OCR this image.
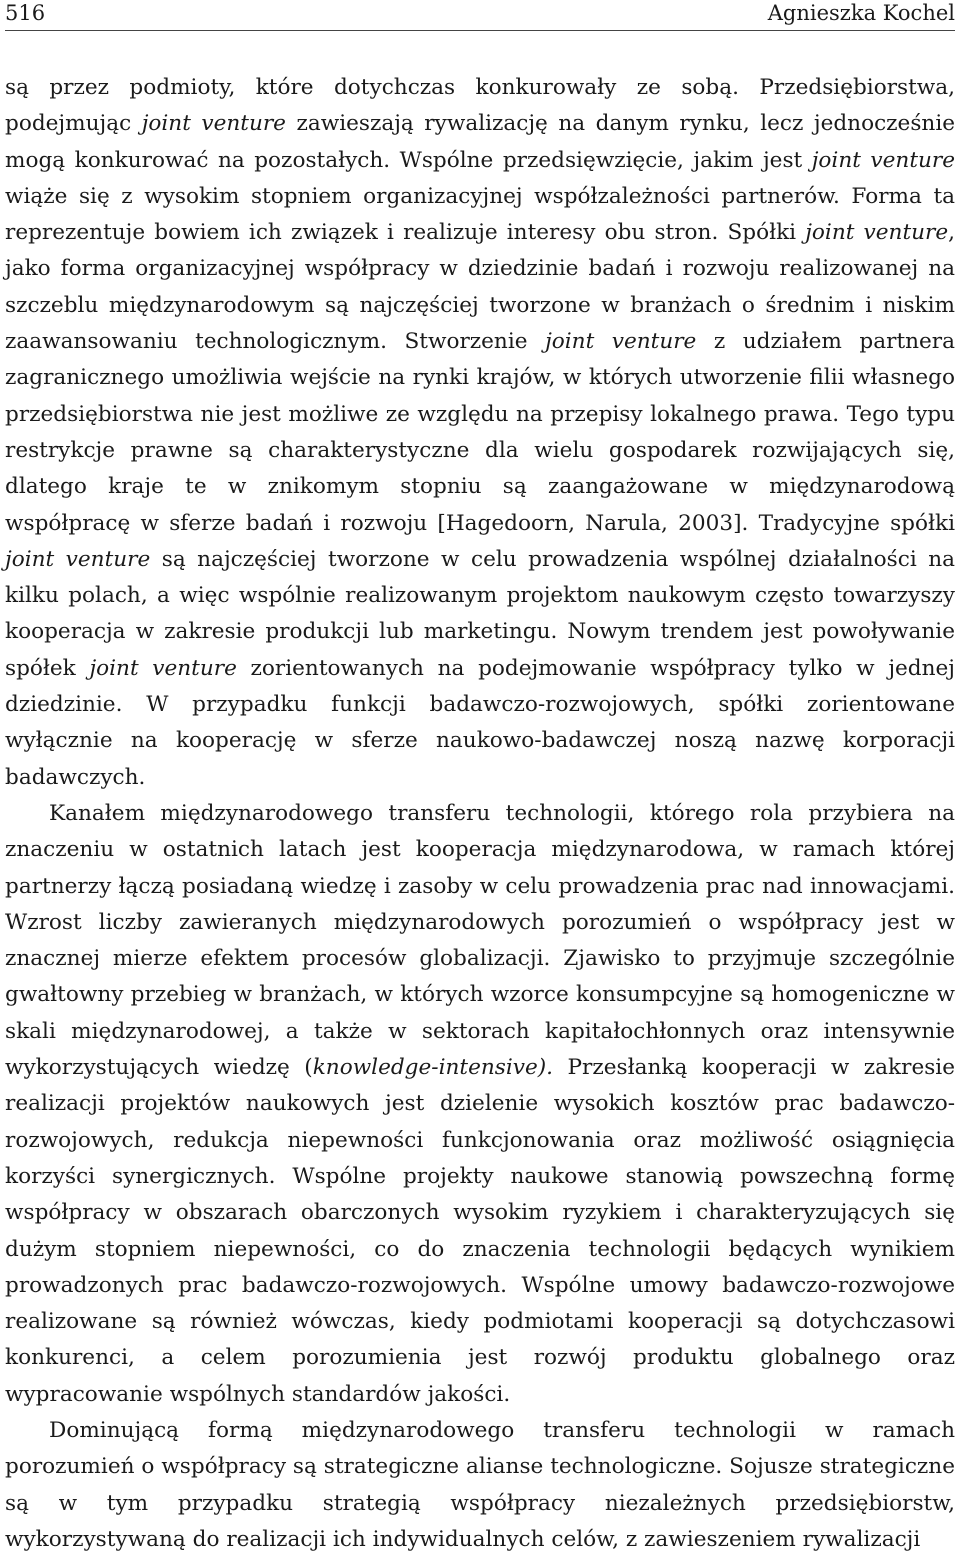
516	Agnieszka Kochel

są przez podmioty, które dotychczas konkurowały ze sobą. Przedsiębiorstwa, podejmując joint venture zawieszają rywalizację na danym rynku, lecz jednocześnie mogą konkurować na pozostałych. Wspólne przedsięwzięcie, jakim jest joint venture wiąże się z wysokim stopniem organizacyjnej współzależności partnerów. Forma ta reprezentuje bowiem ich związek i realizuje interesy obu stron. Spółki joint venture, jako forma organizacyjnej współpracy w dziedzinie badań i rozwoju realizowanej na szczeblu międzynarodowym są najczęściej tworzone w branżach o średnim i niskim zaawansowaniu technologicznym. Stworzenie joint venture z udziałem partnera zagranicznego umożliwia wejście na rynki krajów, w których utworzenie filii własnego przedsiębiorstwa nie jest możliwe ze względu na przepisy lokalnego prawa. Tego typu restrykcje prawne są charakterystyczne dla wielu gospodarek rozwijających się, dlatego kraje te w znikomym stopniu są zaangażowane w międzynarodową współpracę w sferze badań i rozwoju [Hagedoorn, Narula, 2003]. Tradycyjne spółki joint venture są najczęściej tworzone w celu prowadzenia wspólnej działalności na kilku polach, a więc wspólnie realizowanym projektom naukowym często towarzyszy kooperacja w zakresie produkcji lub marketingu. Nowym trendem jest powoływanie spółek joint venture zorientowanych na podejmowanie współpracy tylko w jednej dziedzinie. W przypadku funkcji badawczo-rozwojowych, spółki zorientowane wyłącznie na kooperację w sferze naukowo-badawczej noszą nazwę korporacji badawczych.

Kanałem międzynarodowego transferu technologii, którego rola przybiera na znaczeniu w ostatnich latach jest kooperacja międzynarodowa, w ramach której partnerzy łączą posiadaną wiedzę i zasoby w celu prowadzenia prac nad innowacjami. Wzrost liczby zawieranych międzynarodowych porozumień o współpracy jest w znacznej mierze efektem procesów globalizacji. Zjawisko to przyjmuje szczególnie gwałtowny przebieg w branżach, w których wzorce konsumpcyjne są homogeniczne w skali międzynarodowej, a także w sektorach kapitałochłonnych oraz intensywnie wykorzystujących wiedzę (knowledge-intensive). Przesłanką kooperacji w zakresie realizacji projektów naukowych jest dzielenie wysokich kosztów prac badawczo-rozwojowych, redukcja niepewności funkcjonowania oraz możliwość osiągnięcia korzyści synergicznych. Wspólne projekty naukowe stanowią powszechną formę współpracy w obszarach obarczonych wysokim ryzykiem i charakteryzujących się dużym stopniem niepewności, co do znaczenia technologii będących wynikiem prowadzonych prac badawczo-rozwojowych. Wspólne umowy badawczo-rozwojowe realizowane są również wówczas, kiedy podmiotami kooperacji są dotychczasowi konkurenci, a celem porozumienia jest rozwój produktu globalnego oraz wypracowanie wspólnych standardów jakości.

Dominującą formą międzynarodowego transferu technologii w ramach porozumień o współpracy są strategiczne alianse technologiczne. Sojusze strategiczne są w tym przypadku strategią współpracy niezależnych przedsiębiorstw, wykorzystywaną do realizacji ich indywidualnych celów, z zawieszeniem rywalizacji
